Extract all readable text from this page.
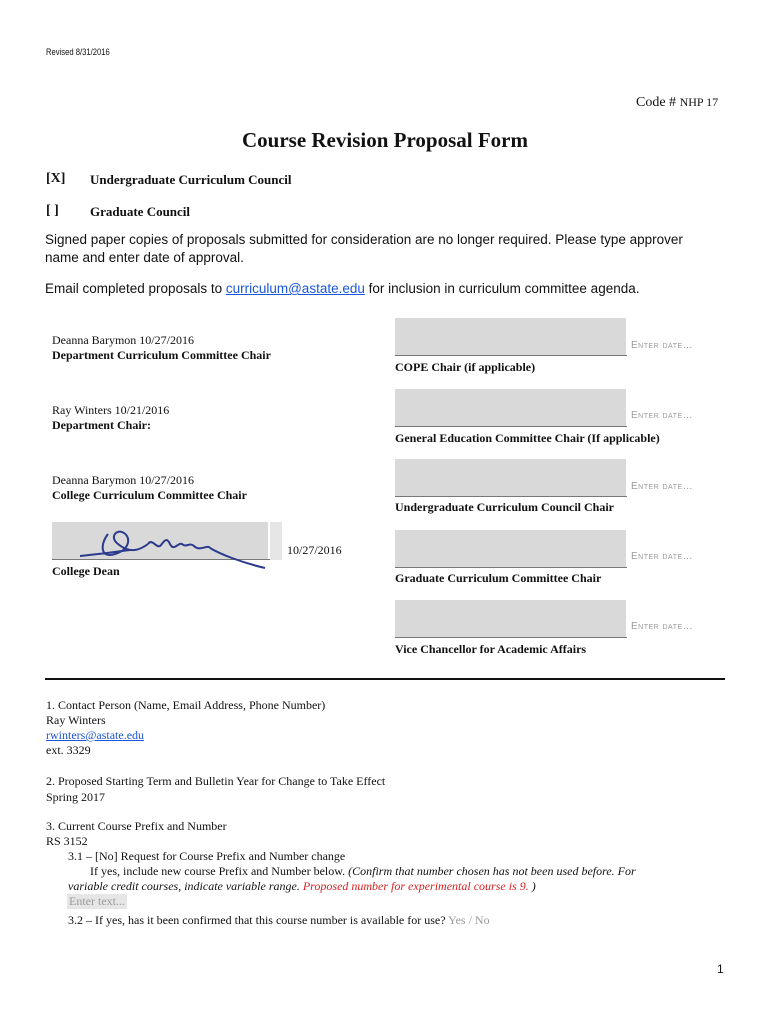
Revised 8/31/2016
Code # NHP 17
Course Revision Proposal Form
[X] Undergraduate Curriculum Council
[ ] Graduate Council
Signed paper copies of proposals submitted for consideration are no longer required. Please type approver
name and enter date of approval.
Email completed proposals to curriculum@astate.edu for inclusion in curriculum committee agenda.
Deanna Barymon 10/27/2016
Department Curriculum Committee Chair
Ray Winters 10/21/2016
Department Chair:
Deanna Barymon 10/27/2016
College Curriculum Committee Chair
10/27/2016
College Dean
Enter date…
COPE Chair (if applicable)
Enter date…
General Education Committee Chair (If applicable)
Enter date…
Undergraduate Curriculum Council Chair
Enter date…
Graduate Curriculum Committee Chair
Enter date…
Vice Chancellor for Academic Affairs
1. Contact Person (Name, Email Address, Phone Number)
Ray Winters
rwinters@astate.edu
ext. 3329
2. Proposed Starting Term and Bulletin Year for Change to Take Effect
Spring 2017
3. Current Course Prefix and Number
RS 3152
3.1 – [No] Request for Course Prefix and Number change
If yes, include new course Prefix and Number below. (Confirm that number chosen has not been used before. For
variable credit courses, indicate variable range. Proposed number for experimental course is 9. )
Enter text...
3.2 – If yes, has it been confirmed that this course number is available for use? Yes / No
1
